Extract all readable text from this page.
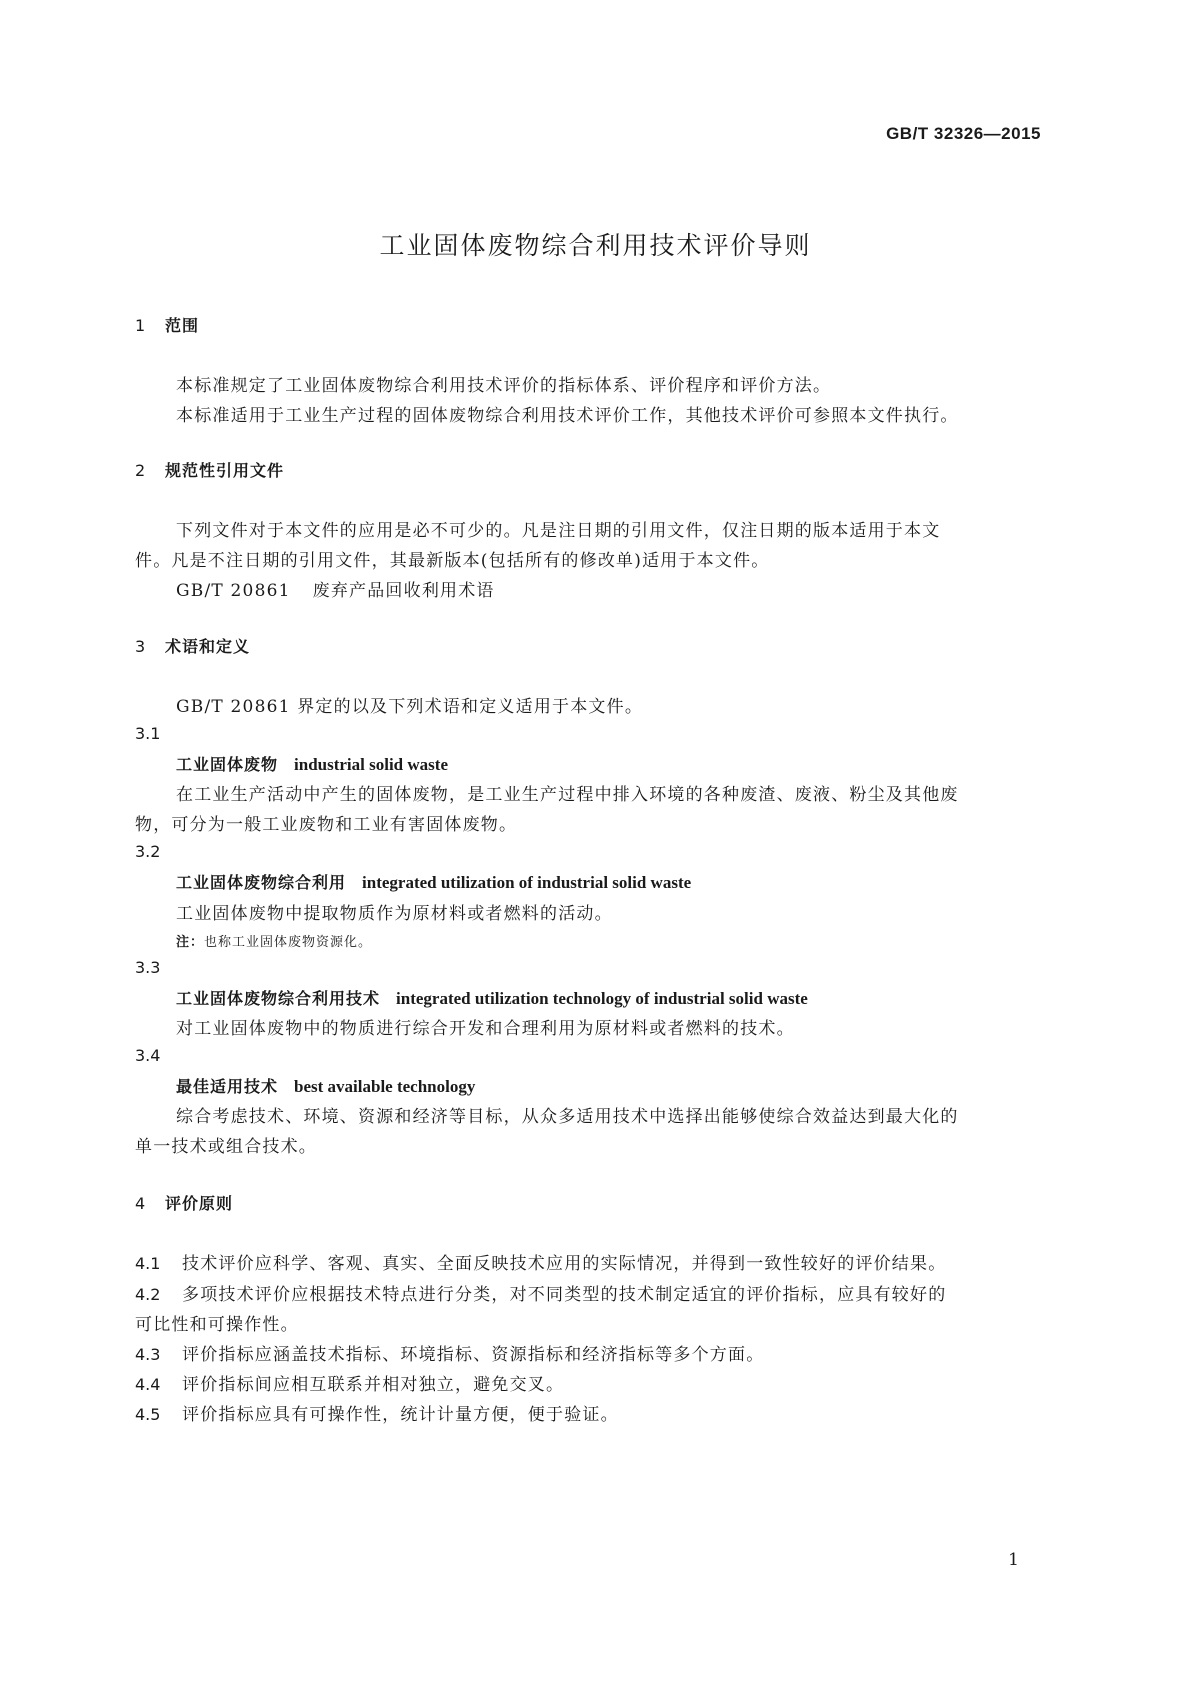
GB/T 32326—2015
工业固体废物综合利用技术评价导则
1 范围
本标准规定了工业固体废物综合利用技术评价的指标体系、评价程序和评价方法。
本标准适用于工业生产过程的固体废物综合利用技术评价工作，其他技术评价可参照本文件执行。
2 规范性引用文件
下列文件对于本文件的应用是必不可少的。凡是注日期的引用文件，仅注日期的版本适用于本文
件。凡是不注日期的引用文件，其最新版本(包括所有的修改单)适用于本文件。
GB/T 20861 废弃产品回收利用术语
3 术语和定义
GB/T 20861 界定的以及下列术语和定义适用于本文件。
3.1
工业固体废物 industrial solid waste
在工业生产活动中产生的固体废物，是工业生产过程中排入环境的各种废渣、废液、粉尘及其他废
物，可分为一般工业废物和工业有害固体废物。
3.2
工业固体废物综合利用 integrated utilization of industrial solid waste
工业固体废物中提取物质作为原材料或者燃料的活动。
注：也称工业固体废物资源化。
3.3
工业固体废物综合利用技术 integrated utilization technology of industrial solid waste
对工业固体废物中的物质进行综合开发和合理利用为原材料或者燃料的技术。
3.4
最佳适用技术 best available technology
综合考虑技术、环境、资源和经济等目标，从众多适用技术中选择出能够使综合效益达到最大化的
单一技术或组合技术。
4 评价原则
4.1 技术评价应科学、客观、真实、全面反映技术应用的实际情况，并得到一致性较好的评价结果。
4.2 多项技术评价应根据技术特点进行分类，对不同类型的技术制定适宜的评价指标，应具有较好的
可比性和可操作性。
4.3 评价指标应涵盖技术指标、环境指标、资源指标和经济指标等多个方面。
4.4 评价指标间应相互联系并相对独立，避免交叉。
4.5 评价指标应具有可操作性，统计计量方便，便于验证。
1
